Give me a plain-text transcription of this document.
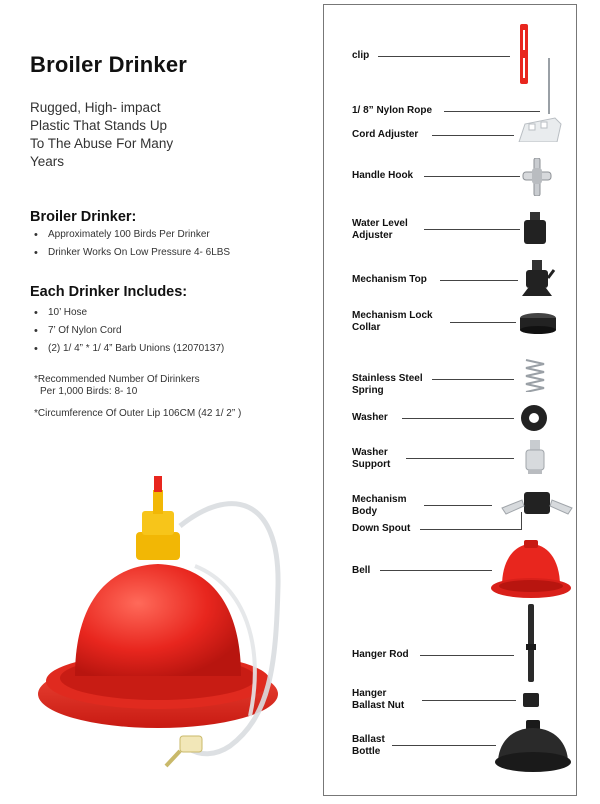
Broiler Drinker
Rugged, High- impact
Plastic That Stands Up
To The Abuse For Many
Years
Broiler Drinker:
• Approximately 100 Birds Per Drinker
• Drinker Works On Low Pressure 4- 6LBS
Each Drinker Includes:
• 10’ Hose
• 7’ Of Nylon Cord
• (2) 1/ 4” * 1/ 4” Barb Unions (12070137)
*Recommended Number Of Dirinkers
Per 1,000 Birds: 8- 10
*Circumference Of Outer Lip 106CM (42 1/ 2” )
clip
1/ 8” Nylon Rope
Cord Adjuster
Handle Hook
Water Level
Adjuster
Mechanism Top
Mechanism Lock
Collar
Stainless Steel
Spring
Washer
Washer
Support
Mechanism
Body
Down Spout
Bell
Hanger Rod
Hanger
Ballast Nut
Ballast
Bottle
